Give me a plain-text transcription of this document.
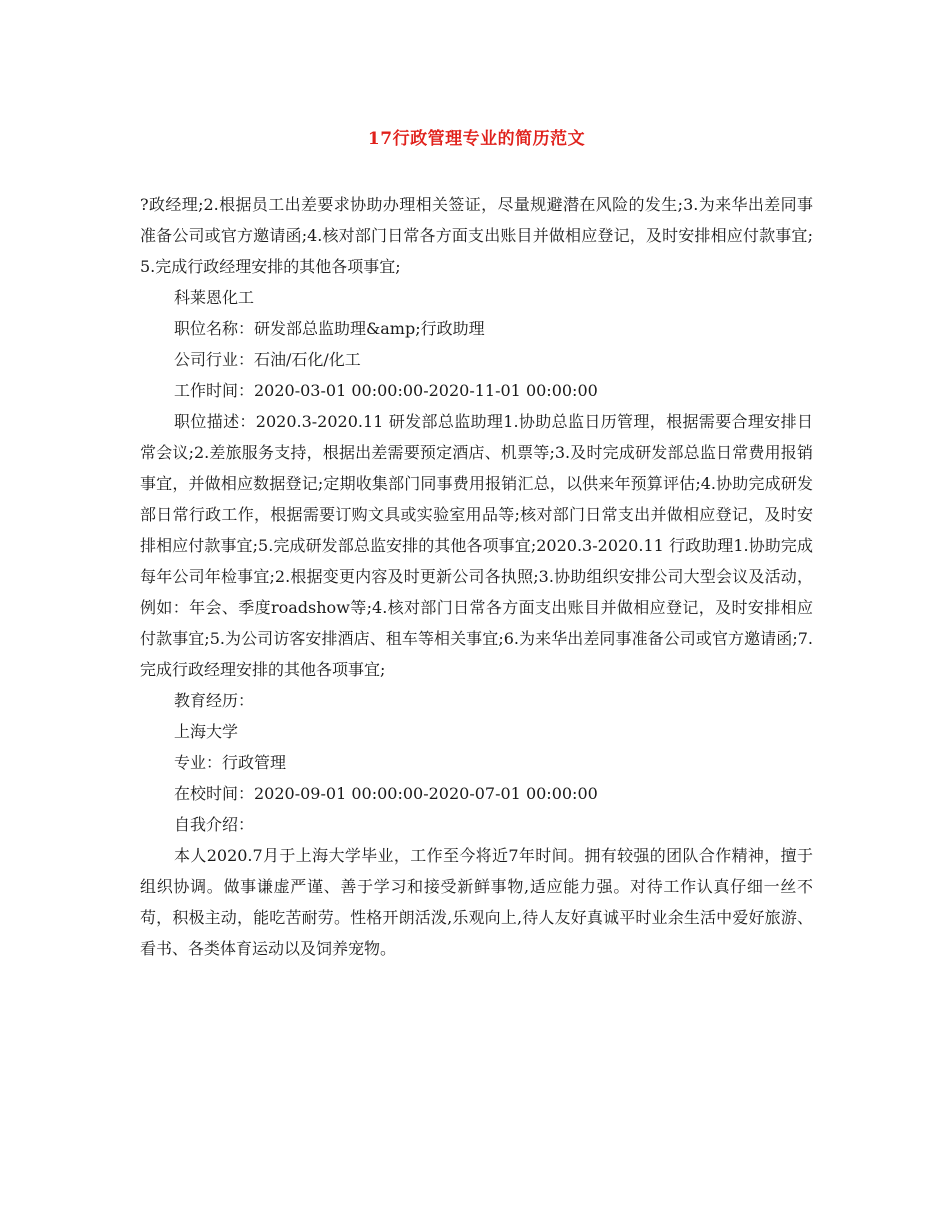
17行政管理专业的简历范文

?政经理;2.根据员工出差要求协助办理相关签证，尽量规避潜在风险的发生;3.为来华出差同事准备公司或官方邀请函;4.核对部门日常各方面支出账目并做相应登记，及时安排相应付款事宜;5.完成行政经理安排的其他各项事宜;

科莱恩化工

职位名称：研发部总监助理&amp;行政助理

公司行业：石油/石化/化工

工作时间：2020-03-01 00:00:00-2020-11-01 00:00:00

职位描述：2020.3-2020.11 研发部总监助理1.协助总监日历管理，根据需要合理安排日常会议;2.差旅服务支持，根据出差需要预定酒店、机票等;3.及时完成研发部总监日常费用报销事宜，并做相应数据登记;定期收集部门同事费用报销汇总，以供来年预算评估;4.协助完成研发部日常行政工作，根据需要订购文具或实验室用品等;核对部门日常支出并做相应登记，及时安排相应付款事宜;5.完成研发部总监安排的其他各项事宜;2020.3-2020.11 行政助理1.协助完成每年公司年检事宜;2.根据变更内容及时更新公司各执照;3.协助组织安排公司大型会议及活动，例如：年会、季度roadshow等;4.核对部门日常各方面支出账目并做相应登记，及时安排相应付款事宜;5.为公司访客安排酒店、租车等相关事宜;6.为来华出差同事准备公司或官方邀请函;7.完成行政经理安排的其他各项事宜;

教育经历：

上海大学

专业：行政管理

在校时间：2020-09-01 00:00:00-2020-07-01 00:00:00

自我介绍：

本人2020.7月于上海大学毕业，工作至今将近7年时间。拥有较强的团队合作精神，擅于组织协调。做事谦虚严谨、善于学习和接受新鲜事物,适应能力强。对待工作认真仔细一丝不苟，积极主动，能吃苦耐劳。性格开朗活泼,乐观向上,待人友好真诚平时业余生活中爱好旅游、看书、各类体育运动以及饲养宠物。
